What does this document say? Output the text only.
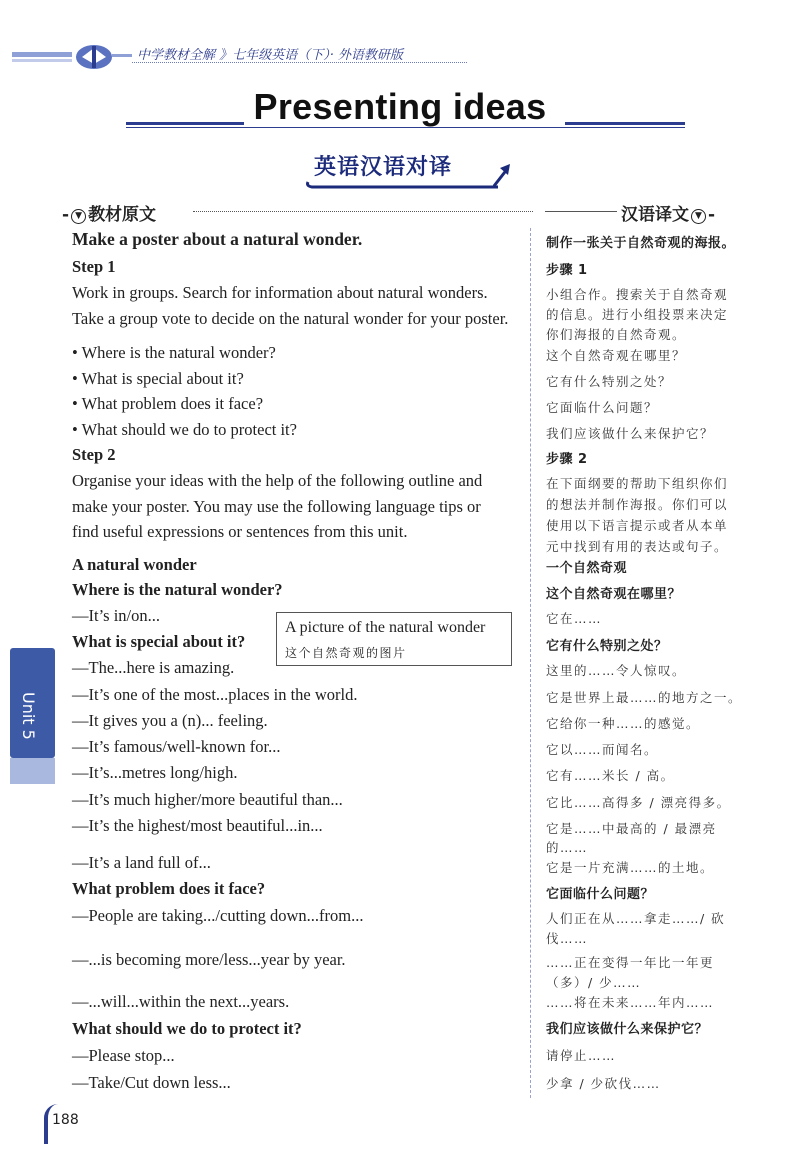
中学教材全解 》七年级英语（下）· 外语教研版
Presenting ideas
英语汉语对译
- ▼ 教材原文	汉语译文 ▼ -
Make a poster about a natural wonder.
Step 1
Work in groups. Search for information about natural wonders.
Take a group vote to decide on the natural wonder for your poster.
• Where is the natural wonder?
• What is special about it?
• What problem does it face?
• What should we do to protect it?
Step 2
Organise your ideas with the help of the following outline and
make your poster. You may use the following language tips or
find useful expressions or sentences from this unit.
A natural wonder
Where is the natural wonder?
—It’s in/on...
What is special about it?
—The...here is amazing.
—It’s one of the most...places in the world.
—It gives you a (n)... feeling.
—It’s famous/well-known for...
—It’s...metres long/high.
—It’s much higher/more beautiful than...
—It’s the highest/most beautiful...in...
—It’s a land full of...
What problem does it face?
—People are taking.../cutting down...from...
—...is becoming more/less...year by year.
—...will...within the next...years.
What should we do to protect it?
—Please stop...
—Take/Cut down less...
A picture of the natural wonder
这个自然奇观的图片
制作一张关于自然奇观的海报。
步骤 1
小组合作。搜索关于自然奇观
的信息。进行小组投票来决定
你们海报的自然奇观。
这个自然奇观在哪里？
它有什么特别之处？
它面临什么问题？
我们应该做什么来保护它？
步骤 2
在下面纲要的帮助下组织你们
的想法并制作海报。你们可以
使用以下语言提示或者从本单
元中找到有用的表达或句子。
一个自然奇观
这个自然奇观在哪里？
它在……
它有什么特别之处？
这里的……令人惊叹。
它是世界上最……的地方之一。
它给你一种……的感觉。
它以……而闻名。
它有……米长 / 高。
它比……高得多 / 漂亮得多。
它是……中最高的 / 最漂亮
的……
它是一片充满……的土地。
它面临什么问题？
人们正在从……拿走……/ 砍
伐……
……正在变得一年比一年更
（多）/ 少……
……将在未来……年内……
我们应该做什么来保护它？
请停止……
少拿 / 少砍伐……
Unit 5
188
